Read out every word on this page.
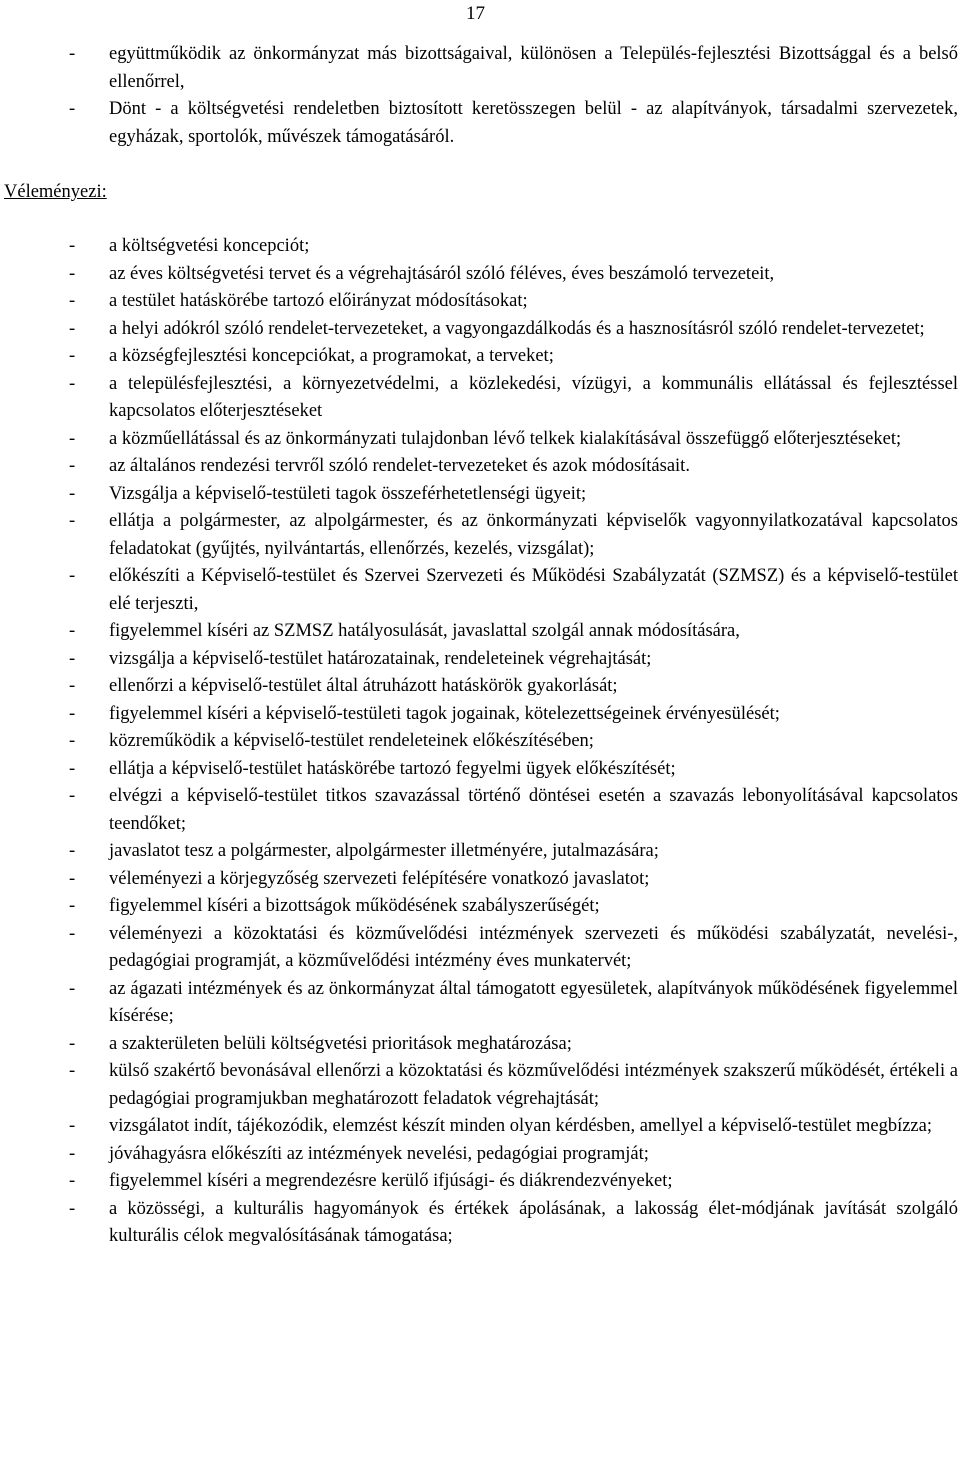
17
- együttműködik az önkormányzat más bizottságaival, különösen a Település-fejlesztési Bizottsággal és a belső ellenőrrel,
- Dönt - a költségvetési rendeletben biztosított keretösszegen belül - az alapítványok, társadalmi szervezetek, egyházak, sportolók, művészek támogatásáról.
Véleményezi:
- a költségvetési koncepciót;
- az éves költségvetési tervet és a végrehajtásáról szóló féléves, éves beszámoló tervezeteit,
- a testület hatáskörébe tartozó előirányzat módosításokat;
- a helyi adókról szóló rendelet-tervezeteket, a vagyongazdálkodás és a hasznosításról szóló rendelet-tervezetet;
- a községfejlesztési koncepciókat, a programokat, a terveket;
- a településfejlesztési, a környezetvédelmi, a közlekedési, vízügyi, a kommunális ellátással és fejlesztéssel kapcsolatos előterjesztéseket
- a közműellátással és az önkormányzati tulajdonban lévő telkek kialakításával összefüggő előterjesztéseket;
- az általános rendezési tervről szóló rendelet-tervezeteket és azok módosításait.
- Vizsgálja a képviselő-testületi tagok összeférhetetlenségi ügyeit;
- ellátja a polgármester, az alpolgármester, és az önkormányzati képviselők vagyonnyilatkozatával kapcsolatos feladatokat (gyűjtés, nyilvántartás, ellenőrzés, kezelés, vizsgálat);
- előkészíti a Képviselő-testület és Szervei Szervezeti és Működési Szabályzatát (SZMSZ) és a képviselő-testület elé terjeszti,
- figyelemmel kíséri az SZMSZ hatályosulását, javaslattal szolgál annak módosítására,
- vizsgálja a képviselő-testület határozatainak, rendeleteinek végrehajtását;
- ellenőrzi a képviselő-testület által átruházott hatáskörök gyakorlását;
- figyelemmel kíséri a képviselő-testületi tagok jogainak, kötelezettségeinek érvényesülését;
- közreműködik a képviselő-testület rendeleteinek előkészítésében;
- ellátja a képviselő-testület hatáskörébe tartozó fegyelmi ügyek előkészítését;
- elvégzi a képviselő-testület titkos szavazással történő döntései esetén a szavazás lebonyolításával kapcsolatos teendőket;
- javaslatot tesz a polgármester, alpolgármester illetményére, jutalmazására;
- véleményezi a körjegyzőség szervezeti felépítésére vonatkozó javaslatot;
- figyelemmel kíséri a bizottságok működésének szabályszerűségét;
- véleményezi a közoktatási és közművelődési intézmények szervezeti és működési szabályzatát, nevelési-, pedagógiai programját, a közművelődési intézmény éves munkatervét;
- az ágazati intézmények és az önkormányzat által támogatott egyesületek, alapítványok működésének figyelemmel kísérése;
- a szakterületen belüli költségvetési prioritások meghatározása;
- külső szakértő bevonásával ellenőrzi a közoktatási és közművelődési intézmények szakszerű működését, értékeli a pedagógiai programjukban meghatározott feladatok végrehajtását;
- vizsgálatot indít, tájékozódik, elemzést készít minden olyan kérdésben, amellyel a képviselő-testület megbízza;
- jóváhagyásra előkészíti az intézmények nevelési, pedagógiai programját;
- figyelemmel kíséri a megrendezésre kerülő ifjúsági- és diákrendezvényeket;
- a közösségi, a kulturális hagyományok és értékek ápolásának, a lakosság élet-módjának javítását szolgáló kulturális célok megvalósításának támogatása;
